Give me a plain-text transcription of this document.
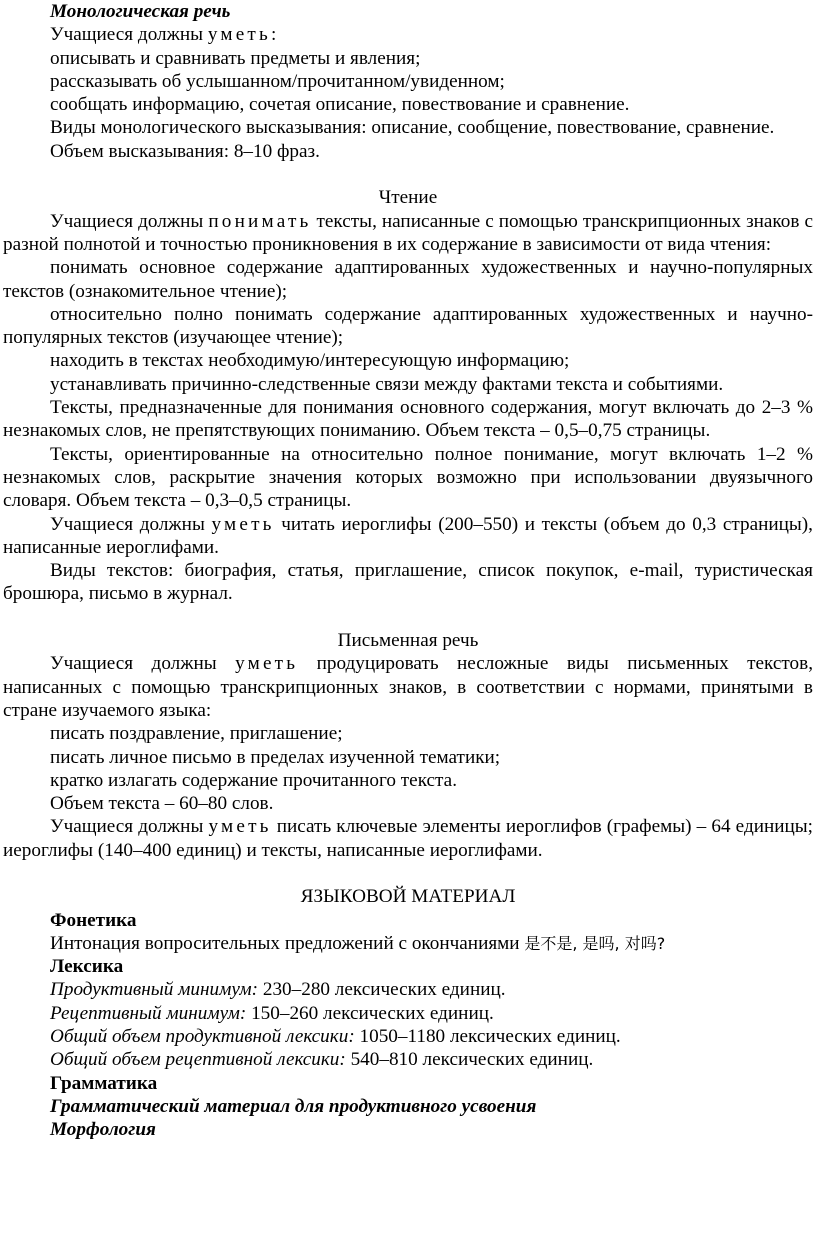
Монологическая речь

Учащиеся должны уметь:

описывать и сравнивать предметы и явления;

рассказывать об услышанном/прочитанном/увиденном;

сообщать информацию, сочетая описание, повествование и сравнение.

Виды монологического высказывания: описание, сообщение, повествование, сравнение.

Объем высказывания: 8–10 фраз.

Чтение

Учащиеся должны понимать тексты, написанные с помощью транскрипционных знаков с разной полнотой и точностью проникновения в их содержание в зависимости от вида чтения:

понимать основное содержание адаптированных художественных и научно-популярных текстов (ознакомительное чтение);

относительно полно понимать содержание адаптированных художественных и научно-популярных текстов (изучающее чтение);

находить в текстах необходимую/интересующую информацию;

устанавливать причинно-следственные связи между фактами текста и событиями.

Тексты, предназначенные для понимания основного содержания, могут включать до 2–3 % незнакомых слов, не препятствующих пониманию. Объем текста – 0,5–0,75 страницы.

Тексты, ориентированные на относительно полное понимание, могут включать 1–2 % незнакомых слов, раскрытие значения которых возможно при использовании двуязычного словаря. Объем текста – 0,3–0,5 страницы.

Учащиеся должны уметь читать иероглифы (200–550) и тексты (объем до 0,3 страницы), написанные иероглифами.

Виды текстов: биография, статья, приглашение, список покупок, e-mail, туристическая брошюра, письмо в журнал.

Письменная речь

Учащиеся должны уметь продуцировать несложные виды письменных текстов, написанных с помощью транскрипционных знаков, в соответствии с нормами, принятыми в стране изучаемого языка:

писать поздравление, приглашение;

писать личное письмо в пределах изученной тематики;

кратко излагать содержание прочитанного текста.

Объем текста – 60–80 слов.

Учащиеся должны уметь писать ключевые элементы иероглифов (графемы) – 64 единицы; иероглифы (140–400 единиц) и тексты, написанные иероглифами.

ЯЗЫКОВОЙ МАТЕРИАЛ

Фонетика

Интонация вопросительных предложений с окончаниями 是不是, 是吗, 对吗?

Лексика

Продуктивный минимум: 230–280 лексических единиц.

Рецептивный минимум: 150–260 лексических единиц.

Общий объем продуктивной лексики: 1050–1180 лексических единиц.

Общий объем рецептивной лексики: 540–810 лексических единиц.

Грамматика

Грамматический материал для продуктивного усвоения

Морфология
